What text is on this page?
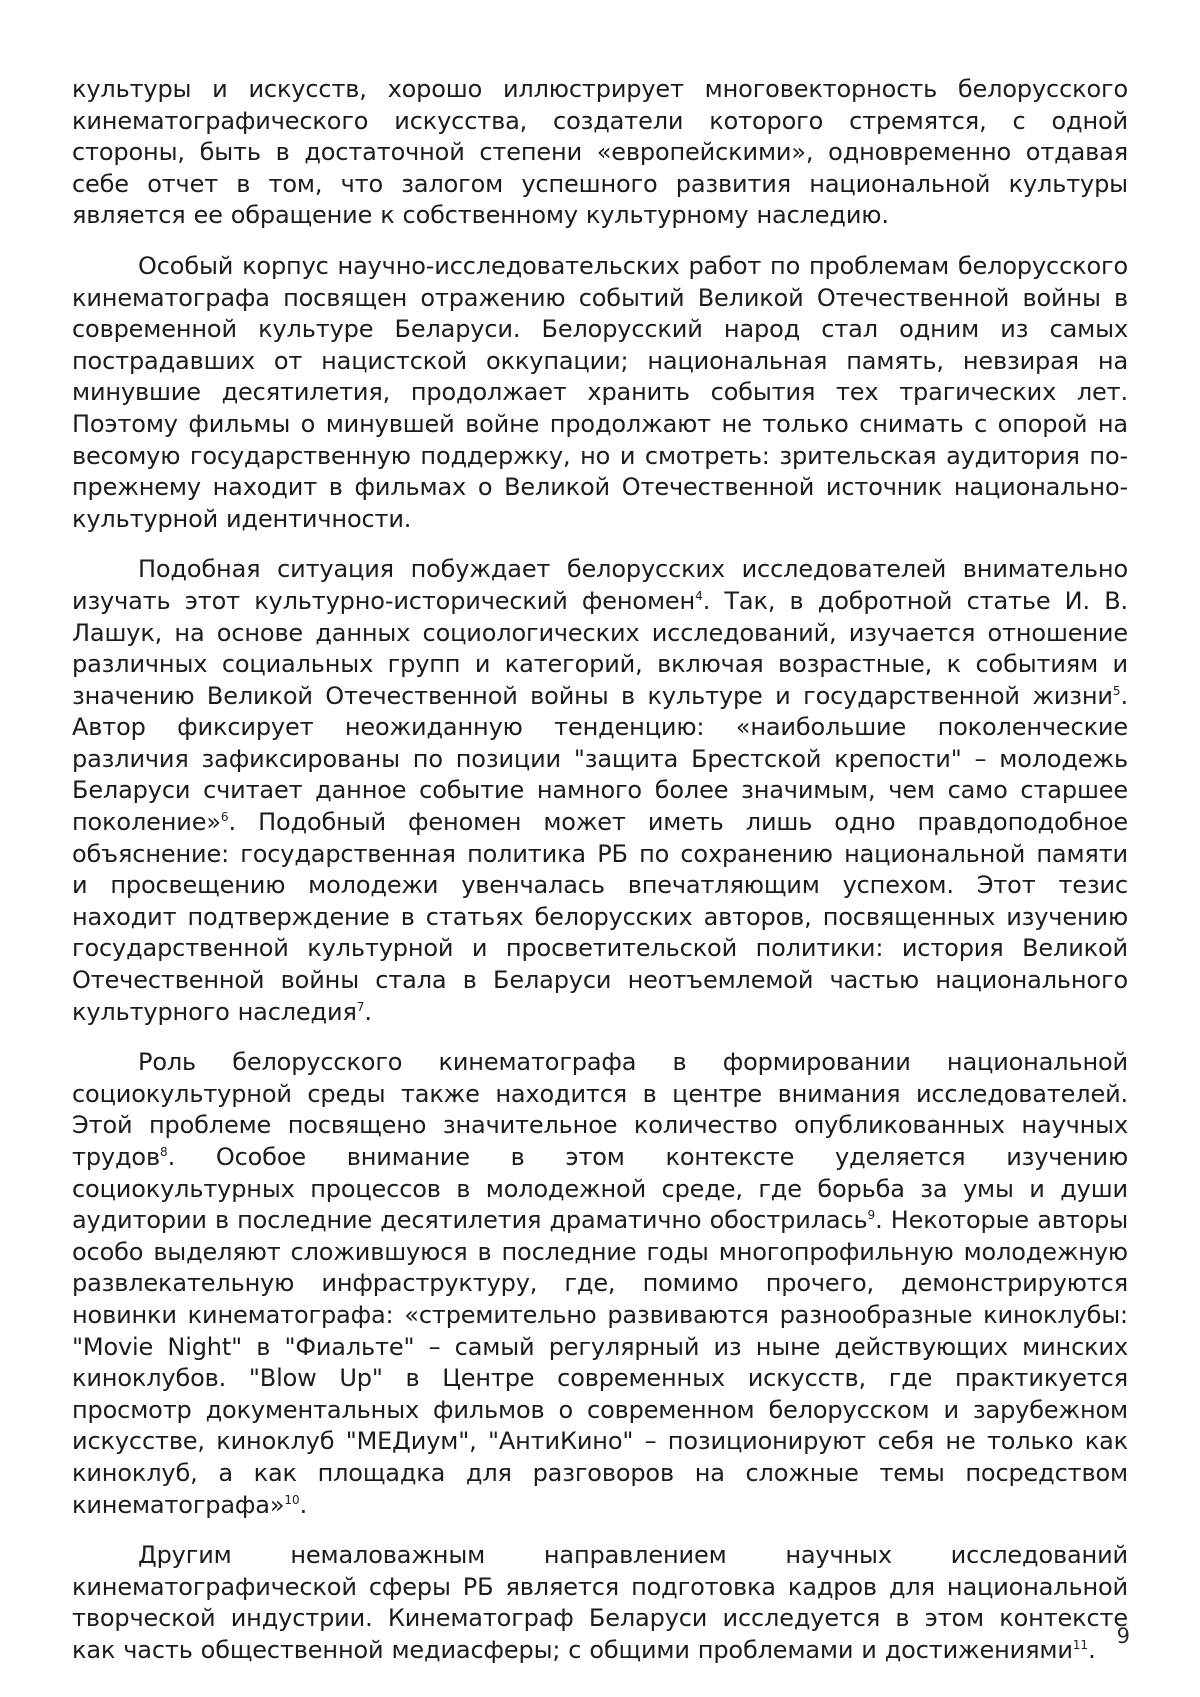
культуры и искусств, хорошо иллюстрирует многовекторность белорусского кинематографического искусства, создатели которого стремятся, с одной стороны, быть в достаточной степени «европейскими», одновременно отдавая себе отчет в том, что залогом успешного развития национальной культуры является ее обращение к собственному культурному наследию.

Особый корпус научно-исследовательских работ по проблемам белорусского кинематографа посвящен отражению событий Великой Отечественной войны в современной культуре Беларуси. Белорусский народ стал одним из самых пострадавших от нацистской оккупации; национальная память, невзирая на минувшие десятилетия, продолжает хранить события тех трагических лет. Поэтому фильмы о минувшей войне продолжают не только снимать с опорой на весомую государственную поддержку, но и смотреть: зрительская аудитория по-прежнему находит в фильмах о Великой Отечественной источник национально-культурной идентичности.

Подобная ситуация побуждает белорусских исследователей внимательно изучать этот культурно-исторический феномен$^4$. Так, в добротной статье И. В. Лашук, на основе данных социологических исследований, изучается отношение различных социальных групп и категорий, включая возрастные, к событиям и значению Великой Отечественной войны в культуре и государственной жизни$^5$. Автор фиксирует неожиданную тенденцию: «наибольшие поколенческие различия зафиксированы по позиции "защита Брестской крепости" – молодежь Беларуси считает данное событие намного более значимым, чем само старшее поколение»$^6$. Подобный феномен может иметь лишь одно правдоподобное объяснение: государственная политика РБ по сохранению национальной памяти и просвещению молодежи увенчалась впечатляющим успехом. Этот тезис находит подтверждение в статьях белорусских авторов, посвященных изучению государственной культурной и просветительской политики: история Великой Отечественной войны стала в Беларуси неотъемлемой частью национального культурного наследия$^7$.

Роль белорусского кинематографа в формировании национальной социокультурной среды также находится в центре внимания исследователей. Этой проблеме посвящено значительное количество опубликованных научных трудов$^8$. Особое внимание в этом контексте уделяется изучению социокультурных процессов в молодежной среде, где борьба за умы и души аудитории в последние десятилетия драматично обострилась$^9$. Некоторые авторы особо выделяют сложившуюся в последние годы многопрофильную молодежную развлекательную инфраструктуру, где, помимо прочего, демонстрируются новинки кинематографа: «стремительно развиваются разнообразные киноклубы: "Movie Night" в "Фиальте" – самый регулярный из ныне действующих минских киноклубов. "Blow Up" в Центре современных искусств, где практикуется просмотр документальных фильмов о современном белорусском и зарубежном искусстве, киноклуб "МЕДиум", "АнтиКино" – позиционируют себя не только как киноклуб, а как площадка для разговоров на сложные темы посредством кинематографа»$^{10}$.

Другим немаловажным направлением научных исследований кинематографической сферы РБ является подготовка кадров для национальной творческой индустрии. Кинематограф Беларуси исследуется в этом контексте как часть общественной медиасферы; с общими проблемами и достижениями$^{11}$.	9
